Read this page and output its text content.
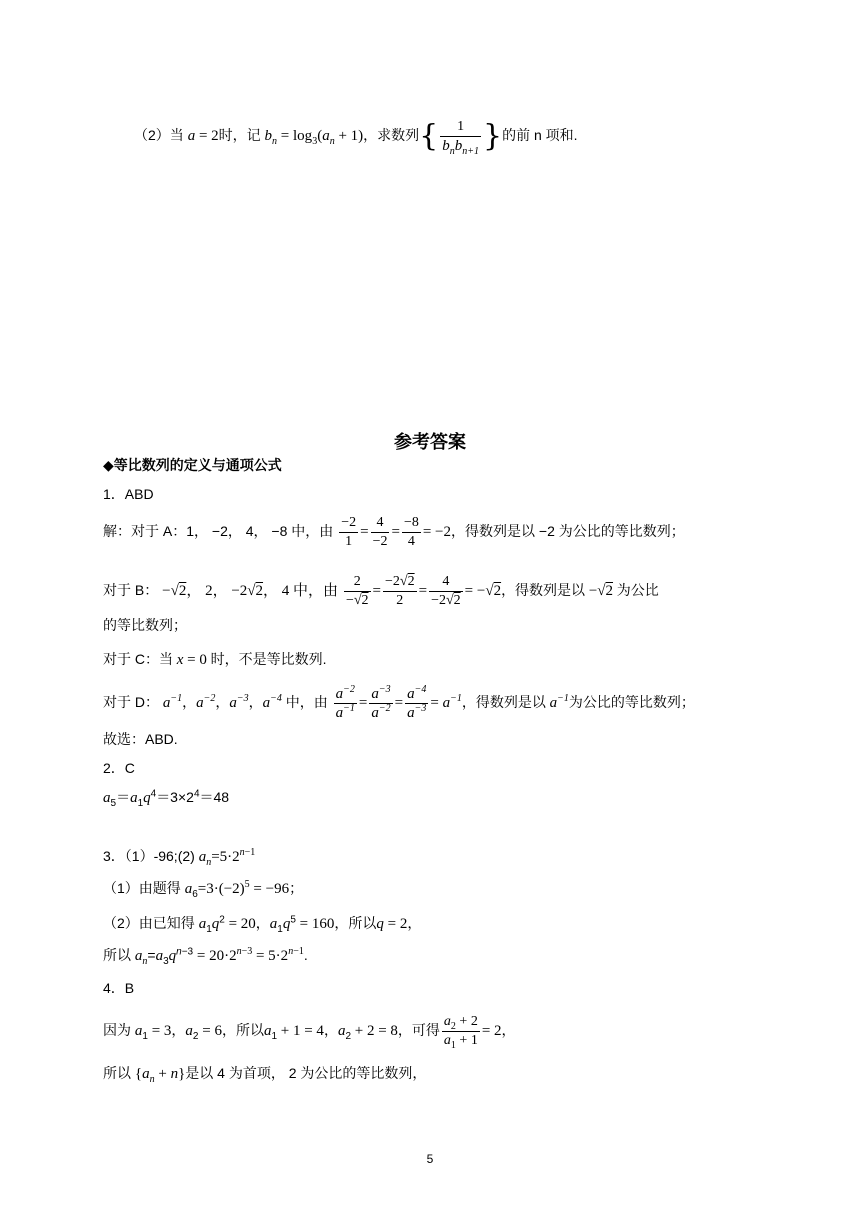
（2）当 a = 2时，记 $b_n = \log_3(a_n + 1)$，求数列{ $\frac{1}{b_nb_{n+1}}$ }的前 n 项和.
参考答案
◆等比数列的定义与通项公式
1．ABD
解：对于 A：1， −2， 4， −8 中，由 $\frac{-2}{1} = \frac{4}{-2} = \frac{-8}{4} = -2$，得数列是以 −2 为公比的等比数列；
对于 B： −√2， 2， −2√2， 4 中，由 $\frac{2}{-√2} = \frac{-2√2}{2} = \frac{4}{-2√2} = -√2$，得数列是以 −√2 为公比
的等比数列；
对于 C：当 x = 0 时，不是等比数列.
对于 D： $a^{-1}$，$a^{-2}$，$a^{-3}$，$a^{-4}$ 中，由 $\frac{a^{-2}}{a^{-1}} = \frac{a^{-3}}{a^{-2}} = \frac{a^{-4}}{a^{-3}} = a^{-1}$，得数列是以 $a^{-1}$为公比的等比数列；
故选：ABD.
2．C
$a_5=a_1q^4=3\times 2^4=48$
3．（1）-96;(2) $a_n=5\cdot 2^{n-1}$
（1）由题得 $a_6=3\cdot(-2)^5 = -96$；
（2）由已知得 $a_1q^2 = 20$，$a_1q^5 = 160$，所以q = 2，
所以 $a_n=a_3q^{n-3} = 20\cdot 2^{n-3} = 5\cdot 2^{n-1}$.
4．B
因为 $a_1 = 3$，$a_2 = 6$，所以$a_1 + 1 = 4$，$a_2 + 2 = 8$，可得 $\frac{a_2 + 2}{a_1 + 1} = 2$，
所以 $\{a_n + n\}$是以 4 为首项， 2 为公比的等比数列，
5
